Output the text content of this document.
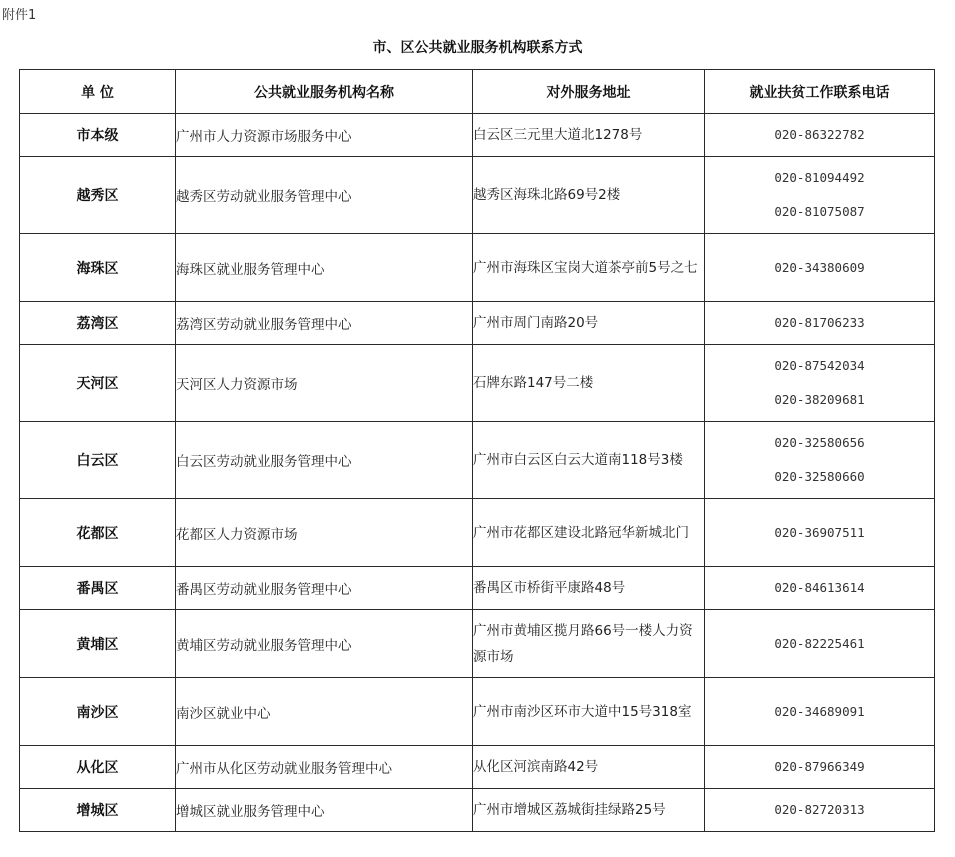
附件1
市、区公共就业服务机构联系方式
单 位	公共就业服务机构名称	对外服务地址	就业扶贫工作联系电话
市本级	广州市人力资源市场服务中心	白云区三元里大道北1278号	020-86322782

越秀区	越秀区劳动就业服务管理中心	越秀区海珠北路69号2楼	020-81094492
020-81075087

海珠区	海珠区就业服务管理中心	广州市海珠区宝岗大道茶亭前5号之七	020-34380609

荔湾区	荔湾区劳动就业服务管理中心	广州市周门南路20号	020-81706233

天河区	天河区人力资源市场	石牌东路147号二楼	020-87542034
020-38209681

白云区	白云区劳动就业服务管理中心	广州市白云区白云大道南118号3楼	020-32580656
020-32580660

花都区	花都区人力资源市场	广州市花都区建设北路冠华新城北门	020-36907511

番禺区	番禺区劳动就业服务管理中心	番禺区市桥街平康路48号	020-84613614

黄埔区	黄埔区劳动就业服务管理中心	广州市黄埔区揽月路66号一楼人力资源市场	020-82225461

南沙区	南沙区就业中心	广州市南沙区环市大道中15号318室	020-34689091

从化区	广州市从化区劳动就业服务管理中心	从化区河滨南路42号	020-87966349

增城区	增城区就业服务管理中心	广州市增城区荔城街挂绿路25号	020-82720313
